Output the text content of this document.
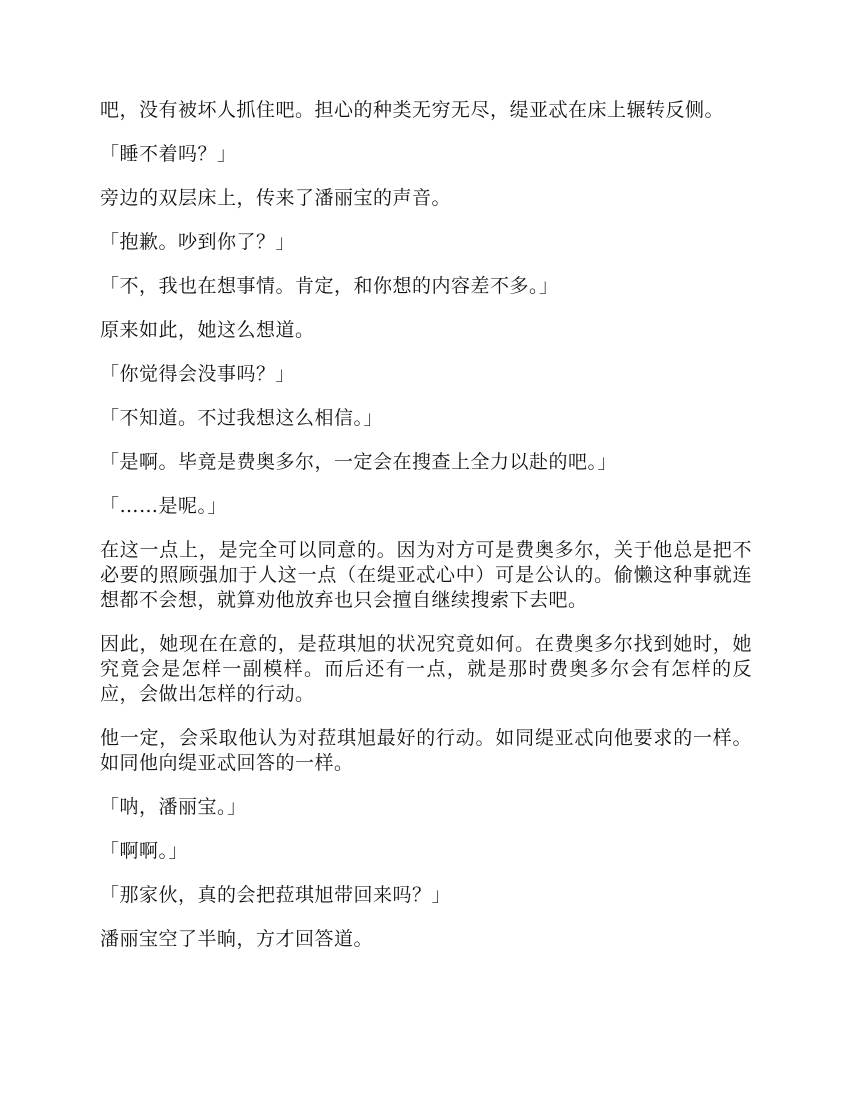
吧，没有被坏人抓住吧。担心的种类无穷无尽，缇亚忒在床上辗转反侧。

「睡不着吗？」

旁边的双层床上，传来了潘丽宝的声音。

「抱歉。吵到你了？」

「不，我也在想事情。肯定，和你想的内容差不多。」

原来如此，她这么想道。

「你觉得会没事吗？」

「不知道。不过我想这么相信。」

「是啊。毕竟是费奥多尔，一定会在搜查上全力以赴的吧。」

「……是呢。」

在这一点上，是完全可以同意的。因为对方可是费奥多尔，关于他总是把不必要的照顾强加于人这一点（在缇亚忒心中）可是公认的。偷懒这种事就连想都不会想，就算劝他放弃也只会擅自继续搜索下去吧。

因此，她现在在意的，是菈琪旭的状况究竟如何。在费奥多尔找到她时，她究竟会是怎样一副模样。而后还有一点，就是那时费奥多尔会有怎样的反应，会做出怎样的行动。

他一定，会采取他认为对菈琪旭最好的行动。如同缇亚忒向他要求的一样。如同他向缇亚忒回答的一样。

「呐，潘丽宝。」

「啊啊。」

「那家伙，真的会把菈琪旭带回来吗？」

潘丽宝空了半晌，方才回答道。
